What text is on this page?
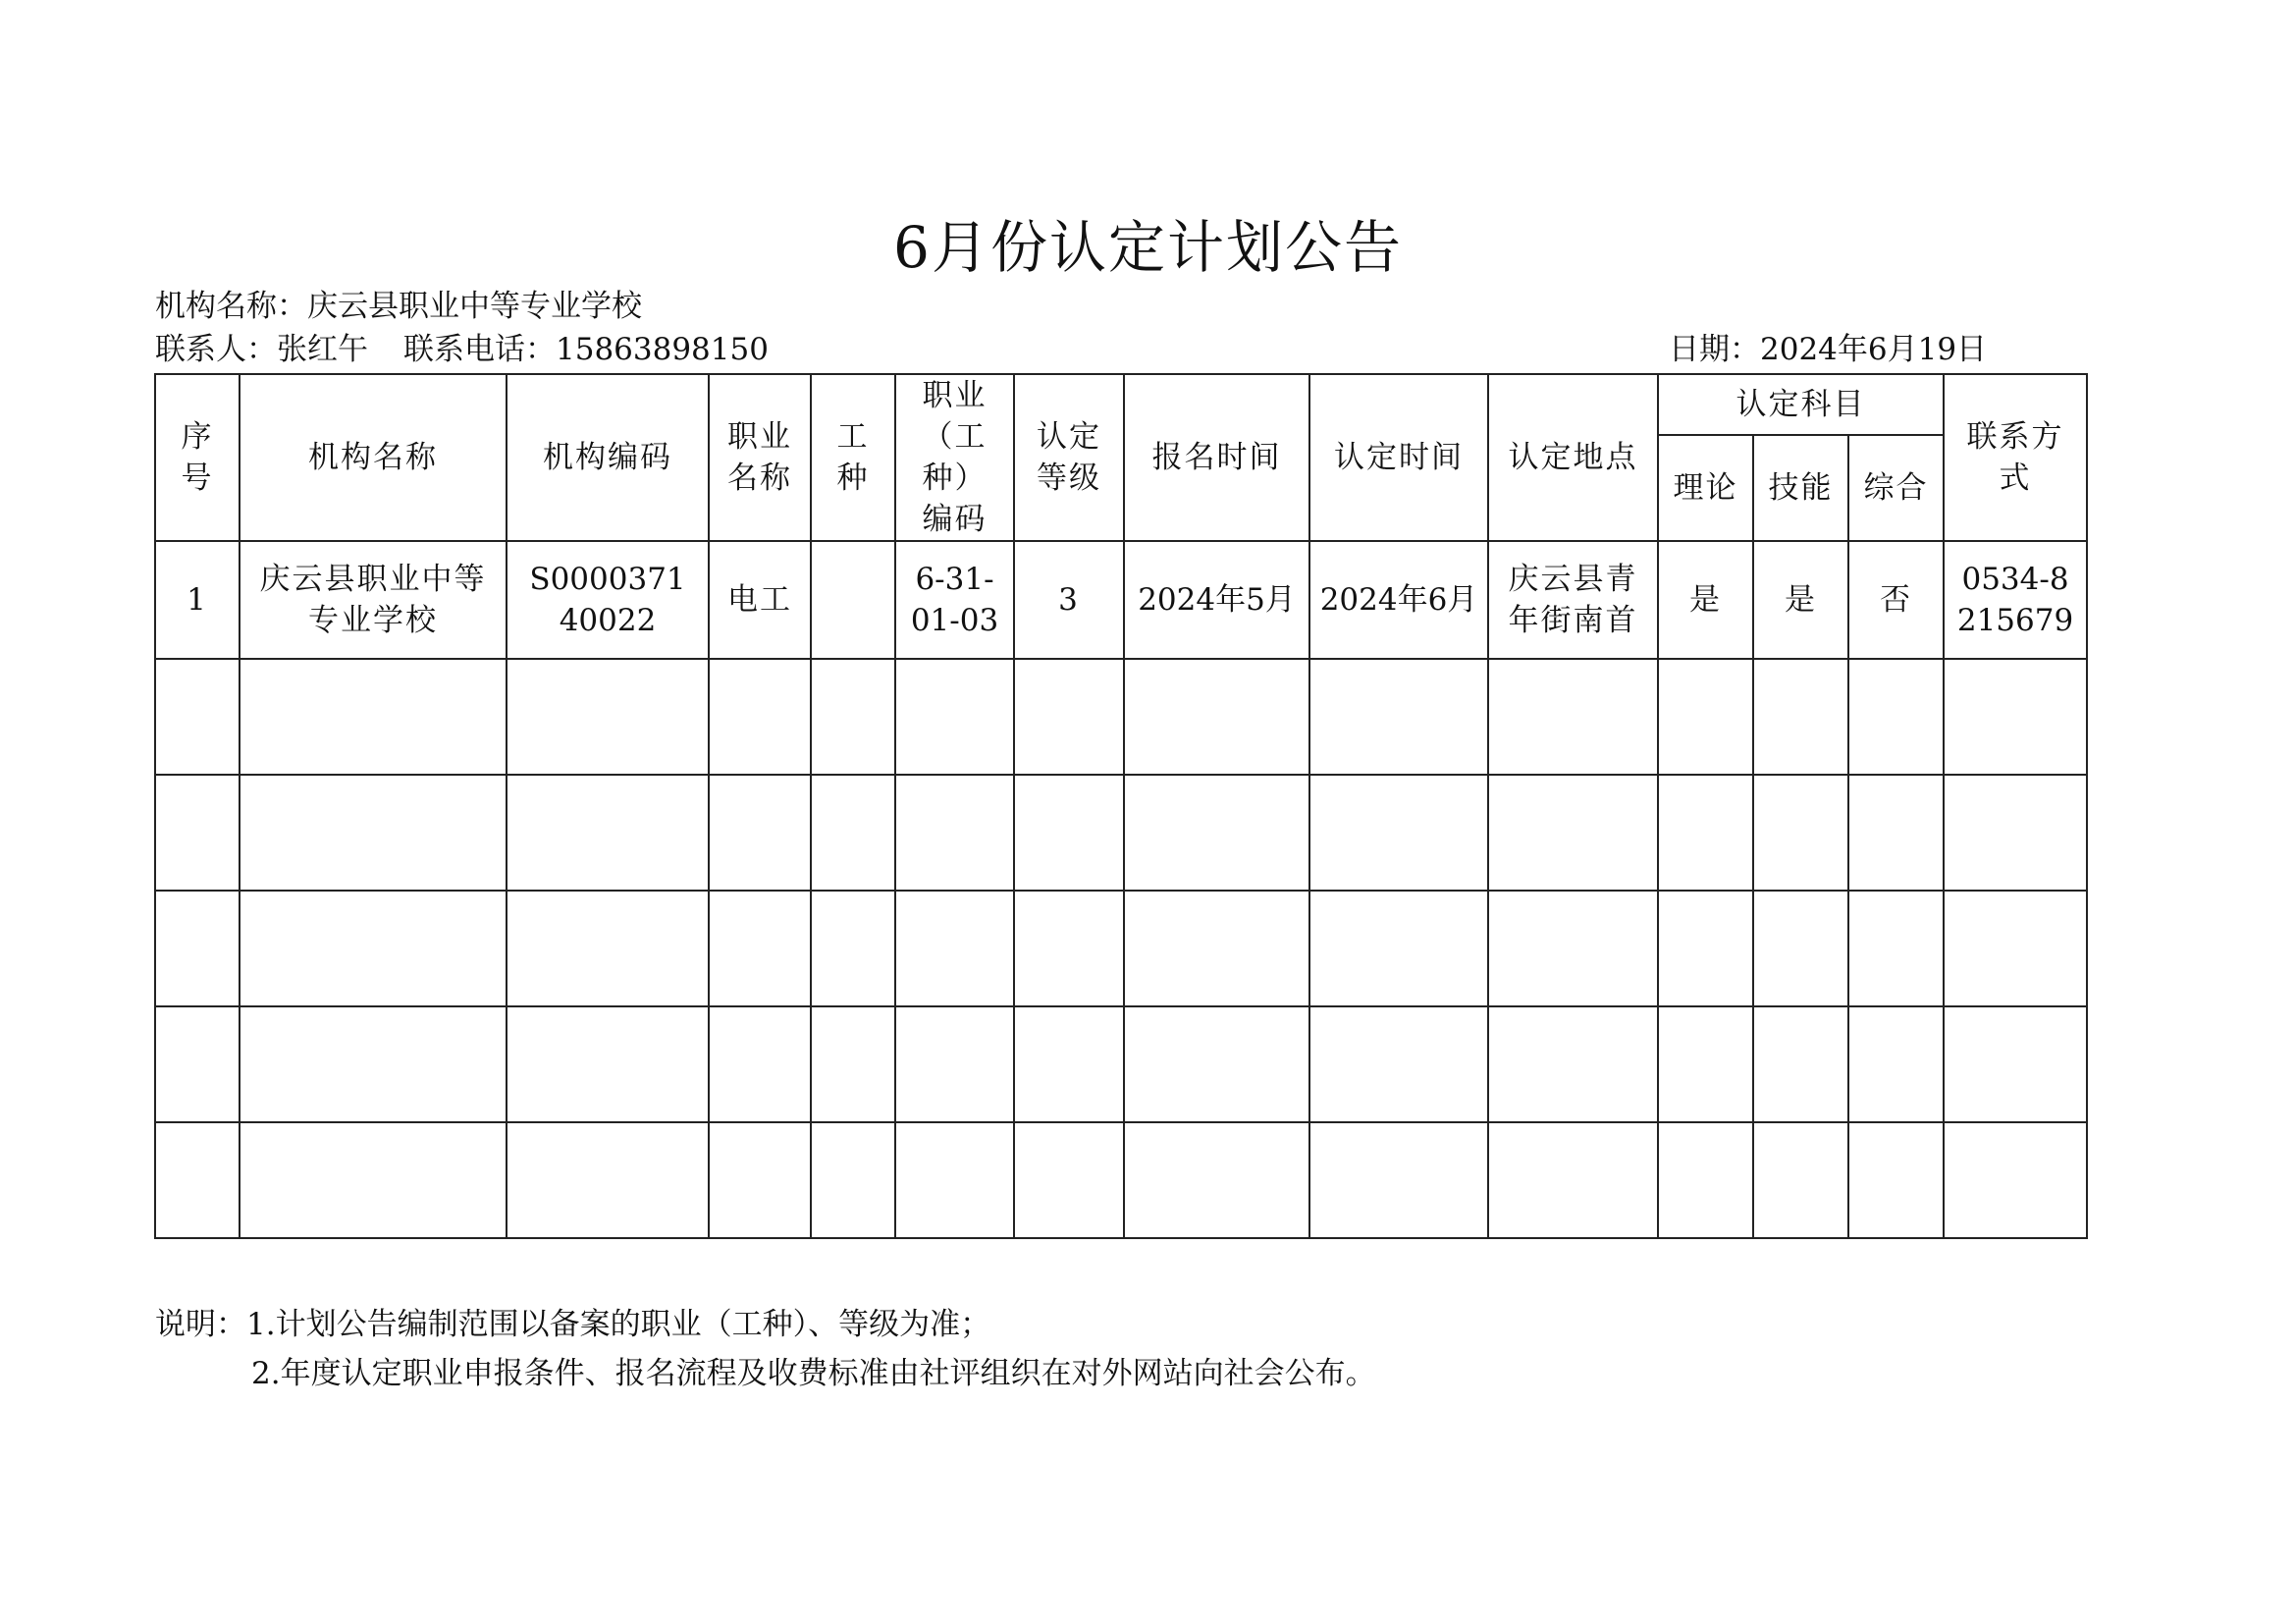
6月份认定计划公告
机构名称：庆云县职业中等专业学校
联系人：张红午 联系电话：15863898150	日期：2024年6月19日
序号	机构名称	机构编码	职业名称	工种	职业（工种）编码	认定等级	报名时间	认定时间	认定地点	认定科目			联系方式
										理论	技能	综合	
1	庆云县职业中等专业学校	S000037140022	电工		6-31-01-03	3	2024年5月	2024年6月	庆云县青年街南首	是	是	否	0534-8215679

说明：1.计划公告编制范围以备案的职业（工种）、等级为准；
2.年度认定职业申报条件、报名流程及收费标准由社评组织在对外网站向社会公布。
